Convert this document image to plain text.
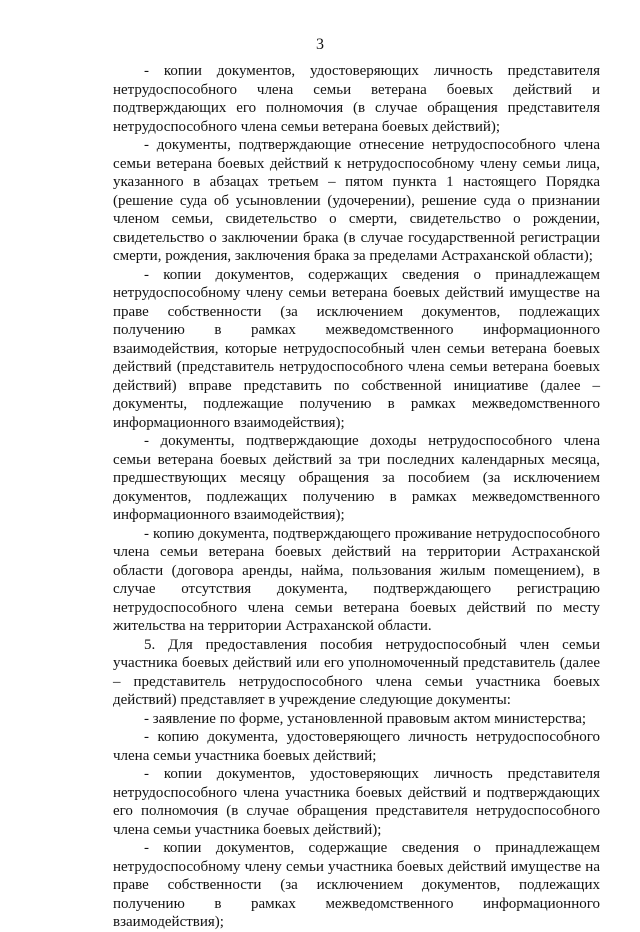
3

- копии документов, удостоверяющих личность представителя нетрудоспособного члена семьи ветерана боевых действий и подтверждающих его полномочия (в случае обращения представителя нетрудоспособного члена семьи ветерана боевых действий);

- документы, подтверждающие отнесение нетрудоспособного члена семьи ветерана боевых действий к нетрудоспособному члену семьи лица, указанного в абзацах третьем – пятом пункта 1 настоящего Порядка (решение суда об усыновлении (удочерении), решение суда о признании членом семьи, свидетельство о смерти, свидетельство о рождении, свидетельство о заключении брака (в случае государственной регистрации смерти, рождения, заключения брака за пределами Астраханской области);

- копии документов, содержащих сведения о принадлежащем нетрудоспособному члену семьи ветерана боевых действий имуществе на праве собственности (за исключением документов, подлежащих получению в рамках межведомственного информационного взаимодействия, которые нетрудоспособный член семьи ветерана боевых действий (представитель нетрудоспособного члена семьи ветерана боевых действий) вправе представить по собственной инициативе (далее – документы, подлежащие получению в рамках межведомственного информационного взаимодействия);

- документы, подтверждающие доходы нетрудоспособного члена семьи ветерана боевых действий за три последних календарных месяца, предшествующих месяцу обращения за пособием (за исключением документов, подлежащих получению в рамках межведомственного информационного взаимодействия);

- копию документа, подтверждающего проживание нетрудоспособного члена семьи ветерана боевых действий на территории Астраханской области (договора аренды, найма, пользования жилым помещением), в случае отсутствия документа, подтверждающего регистрацию нетрудоспособного члена семьи ветерана боевых действий по месту жительства на территории Астраханской области.

5. Для предоставления пособия нетрудоспособный член семьи участника боевых действий или его уполномоченный представитель (далее – представитель нетрудоспособного члена семьи участника боевых действий) представляет в учреждение следующие документы:

- заявление по форме, установленной правовым актом министерства;

- копию документа, удостоверяющего личность нетрудоспособного члена семьи участника боевых действий;

- копии документов, удостоверяющих личность представителя нетрудоспособного члена участника боевых действий и подтверждающих его полномочия (в случае обращения представителя нетрудоспособного члена семьи участника боевых действий);

- копии документов, содержащие сведения о принадлежащем нетрудоспособному члену семьи участника боевых действий имуществе на праве собственности (за исключением документов, подлежащих получению в рамках межведомственного информационного взаимодействия);
